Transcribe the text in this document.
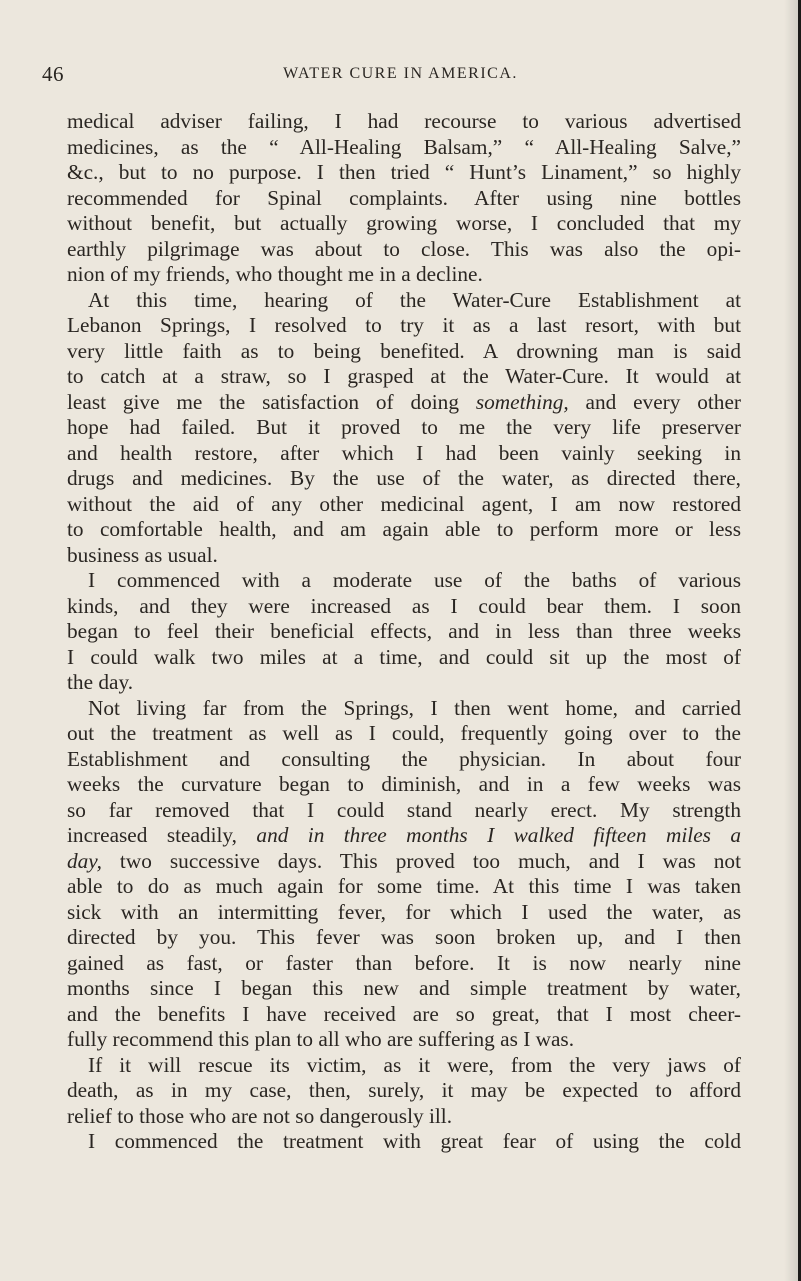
46	WATER CURE IN AMERICA.
medical adviser failing, I had recourse to various advertised
medicines, as the “ All-Healing Balsam,” “ All-Healing Salve,”
&c., but to no purpose. I then tried “ Hunt’s Linament,” so highly
recommended for Spinal complaints. After using nine bottles
without benefit, but actually growing worse, I concluded that my
earthly pilgrimage was about to close. This was also the opi-
nion of my friends, who thought me in a decline.
At this time, hearing of the Water-Cure Establishment at
Lebanon Springs, I resolved to try it as a last resort, with but
very little faith as to being benefited. A drowning man is said
to catch at a straw, so I grasped at the Water-Cure. It would at
least give me the satisfaction of doing something, and every other
hope had failed. But it proved to me the very life preserver
and health restore, after which I had been vainly seeking in
drugs and medicines. By the use of the water, as directed there,
without the aid of any other medicinal agent, I am now restored
to comfortable health, and am again able to perform more or less
business as usual.
I commenced with a moderate use of the baths of various
kinds, and they were increased as I could bear them. I soon
began to feel their beneficial effects, and in less than three weeks
I could walk two miles at a time, and could sit up the most of
the day.
Not living far from the Springs, I then went home, and carried
out the treatment as well as I could, frequently going over to the
Establishment and consulting the physician. In about four
weeks the curvature began to diminish, and in a few weeks was
so far removed that I could stand nearly erect. My strength
increased steadily, and in three months I walked fifteen miles a
day, two successive days. This proved too much, and I was not
able to do as much again for some time. At this time I was taken
sick with an intermitting fever, for which I used the water, as
directed by you. This fever was soon broken up, and I then
gained as fast, or faster than before. It is now nearly nine
months since I began this new and simple treatment by water,
and the benefits I have received are so great, that I most cheer-
fully recommend this plan to all who are suffering as I was.
If it will rescue its victim, as it were, from the very jaws of
death, as in my case, then, surely, it may be expected to afford
relief to those who are not so dangerously ill.
I commenced the treatment with great fear of using the cold
